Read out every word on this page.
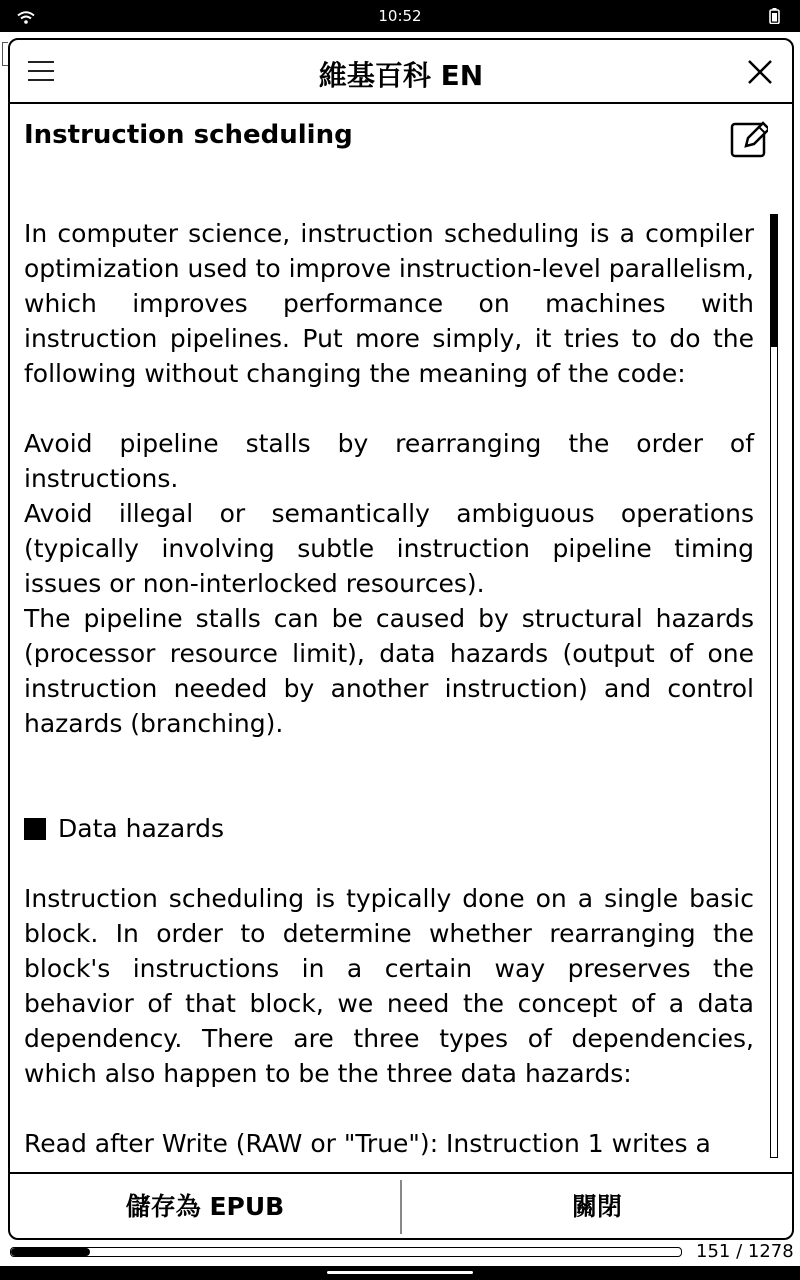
10:52
維基百科 EN
Instruction scheduling

In computer science, instruction scheduling is a compiler optimization used to improve instruction-level parallelism, which improves performance on machines with instruction pipelines. Put more simply, it tries to do the following without changing the meaning of the code:

Avoid pipeline stalls by rearranging the order of instructions.

Avoid illegal or semantically ambiguous operations (typically involving subtle instruction pipeline timing issues or non-interlocked resources).

The pipeline stalls can be caused by structural hazards (processor resource limit), data hazards (output of one instruction needed by another instruction) and control hazards (branching).

Data hazards

Instruction scheduling is typically done on a single basic block. In order to determine whether rearranging the block's instructions in a certain way preserves the behavior of that block, we need the concept of a data dependency. There are three types of dependencies, which also happen to be the three data hazards:

Read after Write (RAW or "True"): Instruction 1 writes a

儲存為 EPUB	關閉
151 / 1278
